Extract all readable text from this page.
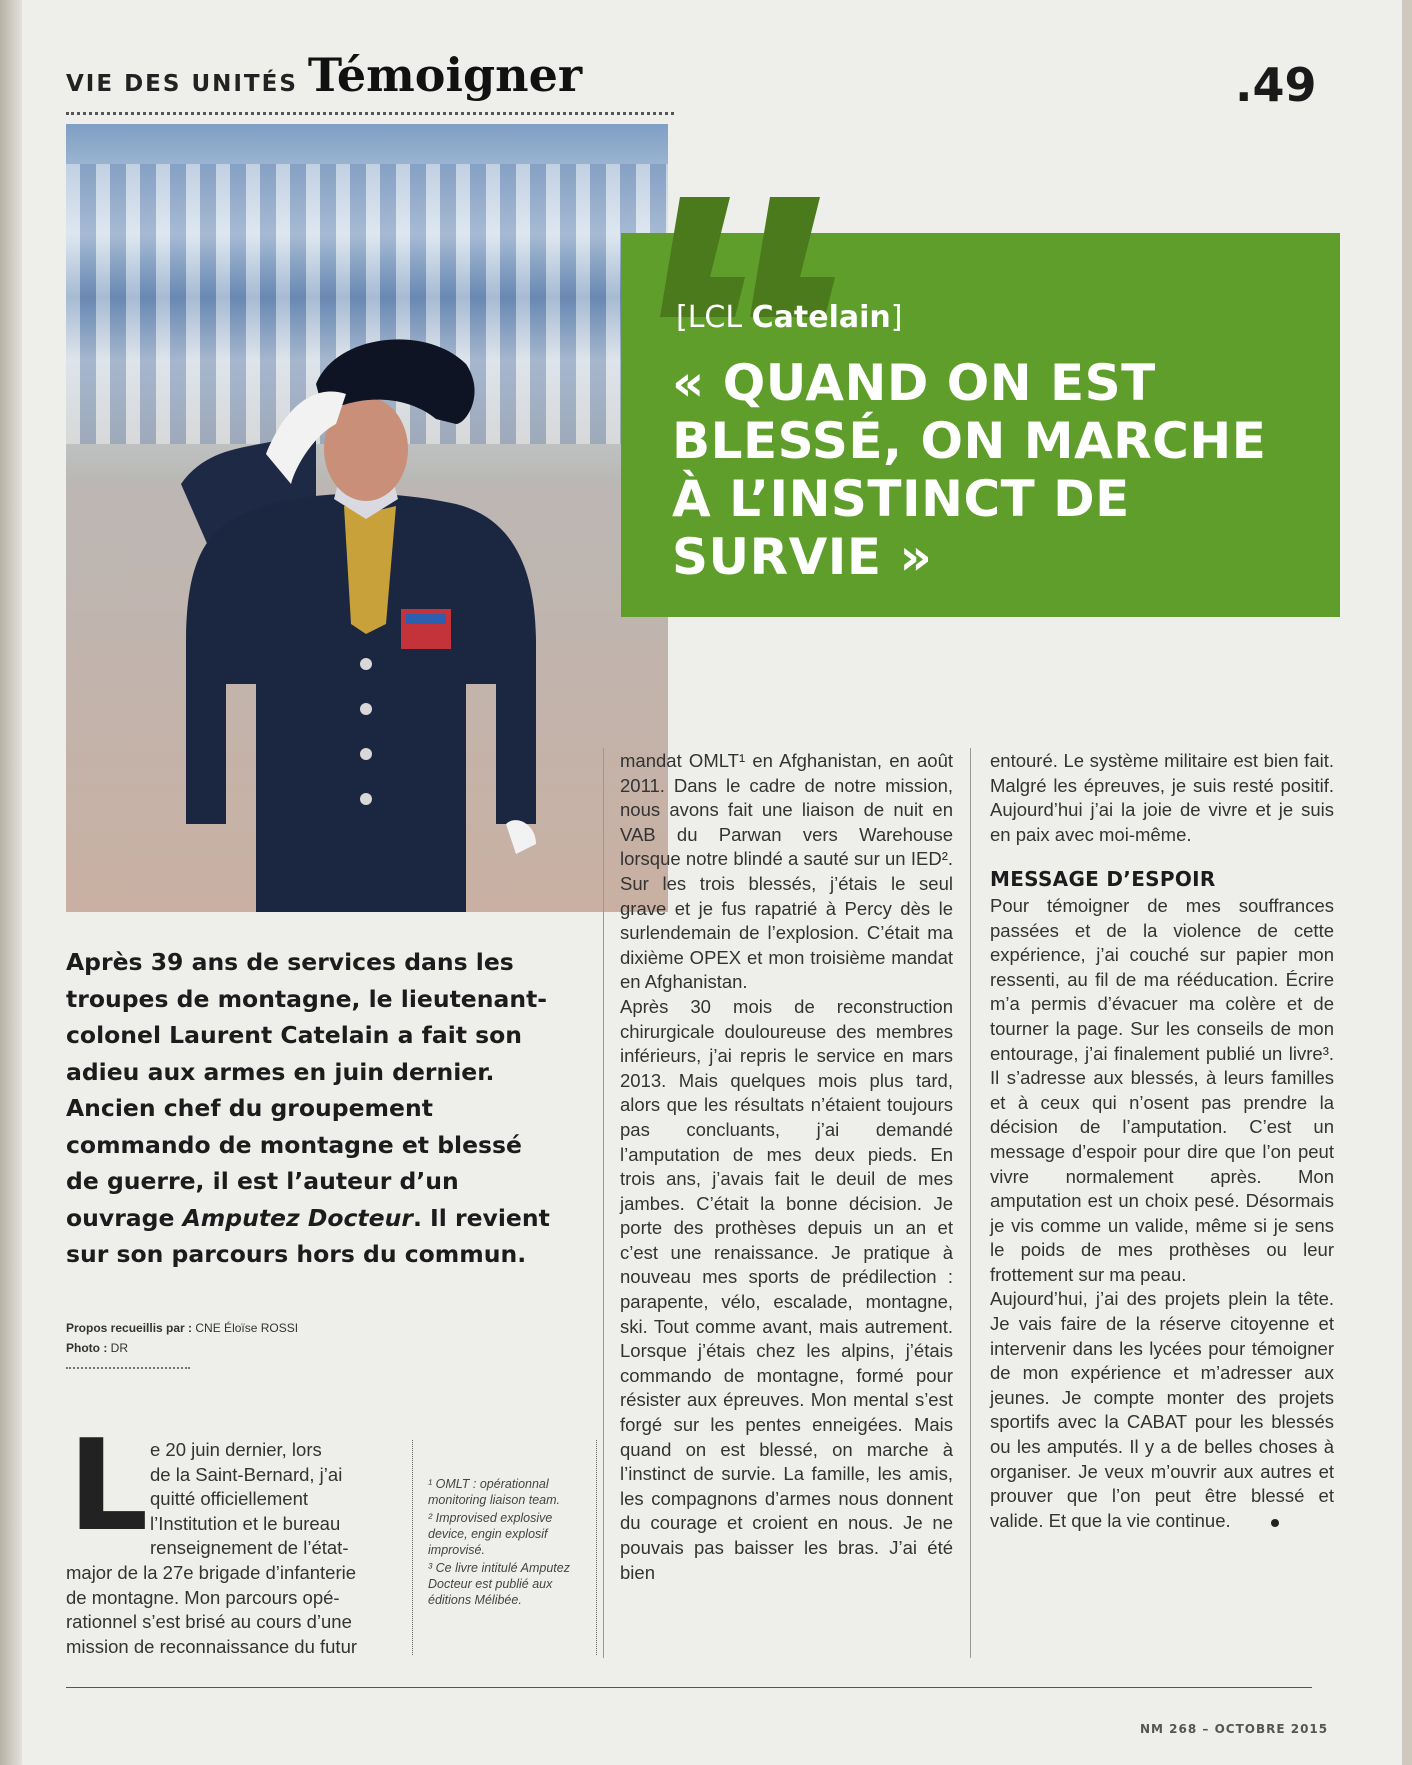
VIE DES UNITÉS Témoigner	.49
[LCL Catelain]
« QUAND ON EST BLESSÉ, ON MARCHE À L’INSTINCT DE SURVIE »
Après 39 ans de services dans les troupes de montagne, le lieutenant-colonel Laurent Catelain a fait son adieu aux armes en juin dernier. Ancien chef du groupement commando de montagne et blessé de guerre, il est l’auteur d’un ouvrage Amputez Docteur. Il revient sur son parcours hors du commun.
Propos recueillis par : CNE Éloïse ROSSI
Photo : DR
L e 20 juin dernier, lors
de la Saint-Bernard, j’ai
quitté officiellement
l’Institution et le bureau
renseignement de l’état-
major de la 27e brigade d’infanterie
de montagne. Mon parcours opé-
rationnel s’est brisé au cours d’une
mission de reconnaissance du futur
¹ OMLT : opérationnal monitoring liaison team.
² Improvised explosive device, engin explosif improvisé.
³ Ce livre intitulé Amputez Docteur est publié aux éditions Mélibée.

mandat OMLT¹ en Afghanistan, en août 2011. Dans le cadre de notre mission, nous avons fait une liaison de nuit en VAB du Parwan vers Warehouse lorsque notre blindé a sauté sur un IED². Sur les trois blessés, j’étais le seul grave et je fus rapatrié à Percy dès le surlendemain de l’explosion. C’était ma dixième OPEX et mon troisième mandat en Afghanistan.

Après 30 mois de reconstruction chirurgicale douloureuse des membres inférieurs, j’ai repris le service en mars 2013. Mais quelques mois plus tard, alors que les résultats n’étaient toujours pas concluants, j’ai demandé l’amputation de mes deux pieds. En trois ans, j’avais fait le deuil de mes jambes. C’était la bonne décision. Je porte des prothèses depuis un an et c’est une renaissance. Je pratique à nouveau mes sports de prédilection : parapente, vélo, escalade, montagne, ski. Tout comme avant, mais autrement. Lorsque j’étais chez les alpins, j’étais commando de montagne, formé pour résister aux épreuves. Mon mental s’est forgé sur les pentes enneigées. Mais quand on est blessé, on marche à l’instinct de survie. La famille, les amis, les compagnons d’armes nous donnent du courage et croient en nous. Je ne pouvais pas baisser les bras. J’ai été bien

entouré. Le système militaire est bien fait. Malgré les épreuves, je suis resté positif. Aujourd’hui j’ai la joie de vivre et je suis en paix avec moi-même.

MESSAGE D’ESPOIR

Pour témoigner de mes souffrances passées et de la violence de cette expérience, j’ai couché sur papier mon ressenti, au fil de ma rééducation. Écrire m’a permis d’évacuer ma colère et de tourner la page. Sur les conseils de mon entourage, j’ai finalement publié un livre³. Il s’adresse aux blessés, à leurs familles et à ceux qui n’osent pas prendre la décision de l’amputation. C’est un message d’espoir pour dire que l’on peut vivre normalement après. Mon amputation est un choix pesé. Désormais je vis comme un valide, même si je sens le poids de mes prothèses ou leur frottement sur ma peau.

Aujourd’hui, j’ai des projets plein la tête. Je vais faire de la réserve citoyenne et intervenir dans les lycées pour témoigner de mon expérience et m’adresser aux jeunes. Je compte monter des projets sportifs avec la CABAT pour les blessés ou les amputés. Il y a de belles choses à organiser. Je veux m’ouvrir aux autres et prouver que l’on peut être blessé et valide. Et que la vie continue.

NM 268 – OCTOBRE 2015
